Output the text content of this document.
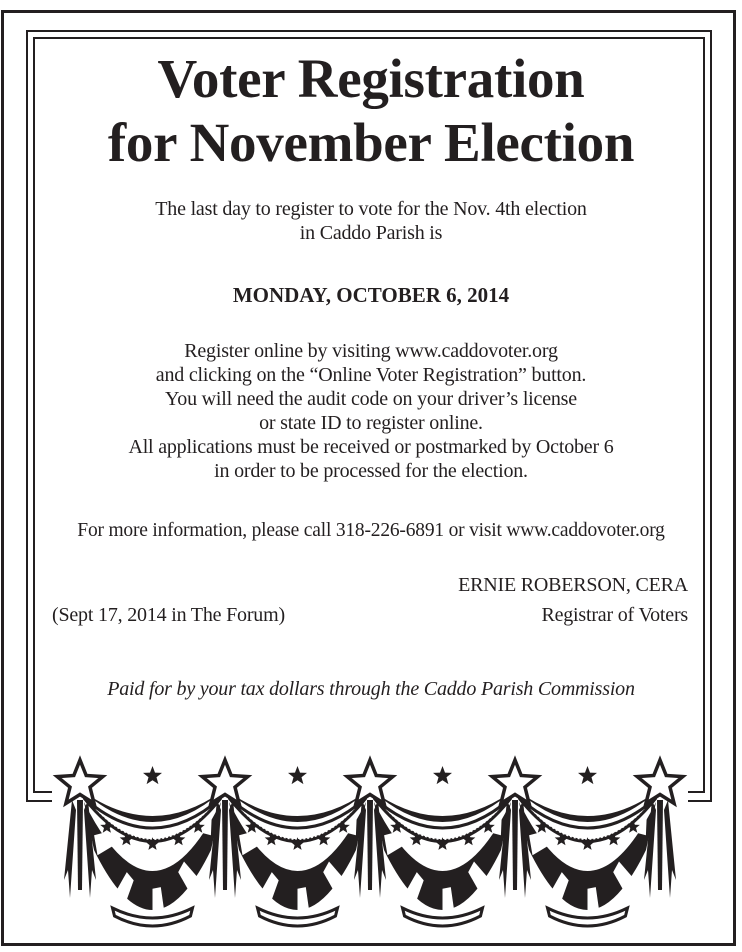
Voter Registration
for November Election
The last day to register to vote for the Nov. 4th election
in Caddo Parish is
MONDAY, OCTOBER 6, 2014
Register online by visiting www.caddovoter.org
and clicking on the “Online Voter Registration” button.
You will need the audit code on your driver’s license
or state ID to register online.
All applications must be received or postmarked by October 6
in order to be processed for the election.
For more information, please call 318-226-6891 or visit www.caddovoter.org
ERNIE ROBERSON, CERA
Registrar of Voters
(Sept 17, 2014 in The Forum)
Paid for by your tax dollars through the Caddo Parish Commission
